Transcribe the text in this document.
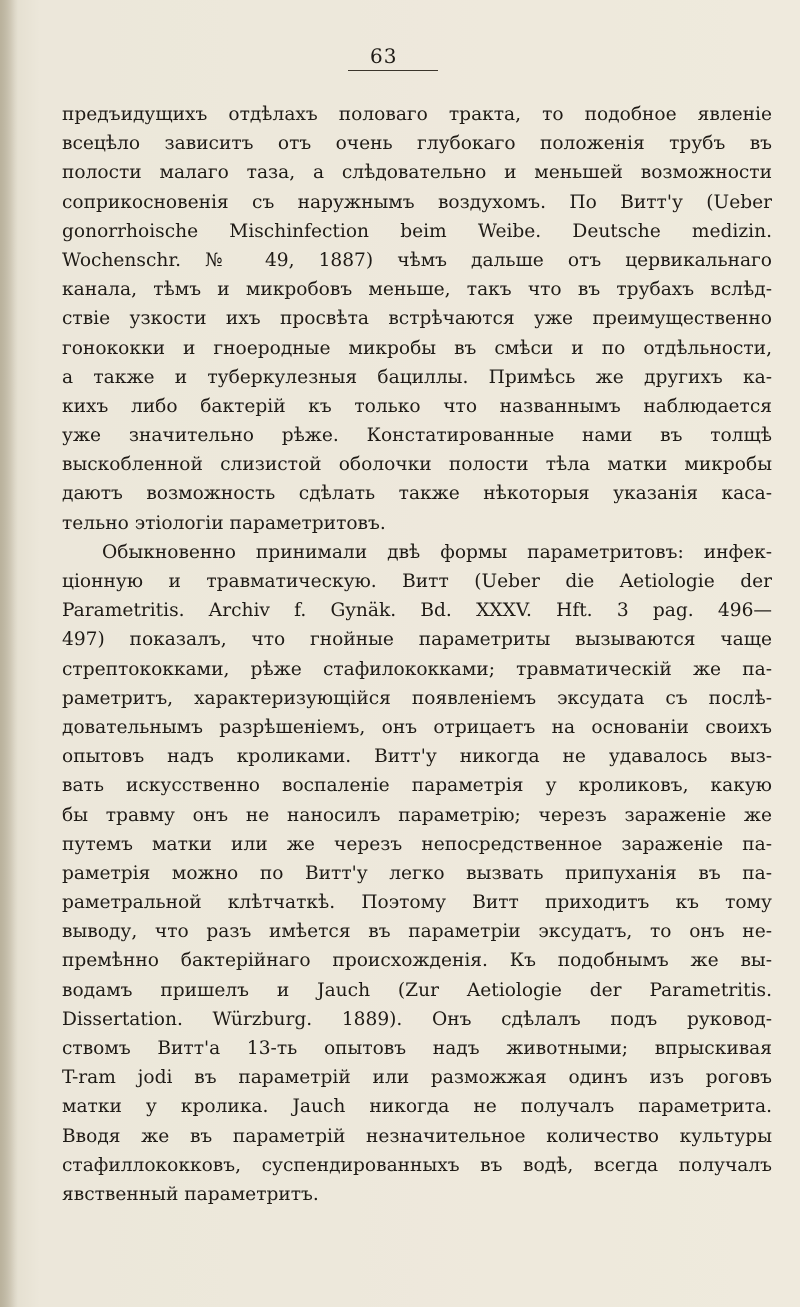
63
предъидущихъ отдѣлахъ половаго тракта, то подобное явленіе
всецѣло зависитъ отъ очень глубокаго положенія трубъ въ
полости малаго таза, а слѣдовательно и меньшей возможности
соприкосновенія съ наружнымъ воздухомъ. По Витт'у (Uеber
gonorrhoische Mischinfection beim Weibe. Deutsche medizin.
Wochenschr. № 49, 1887) чѣмъ дальше отъ цервикальнаго
канала, тѣмъ и микробовъ меньше, такъ что въ трубахъ вслѣд-
ствіе узкости ихъ просвѣта встрѣчаются уже преимущественно
гонококки и гноеродные микробы въ смѣси и по отдѣльности,
а также и туберкулезныя бациллы. Примѣсь же другихъ ка-
кихъ либо бактерій къ только что названнымъ наблюдается
уже значительно рѣже. Констатированные нами въ толщѣ
выскобленной слизистой оболочки полости тѣла матки микробы
даютъ возможность сдѣлать также нѣкоторыя указанія каса-
тельно этіологіи параметритовъ.
Обыкновенно принимали двѣ формы параметритовъ: инфек-
ціонную и травматическую. Витт (Ueber die Aetiologie der
Parametritis. Archiv f. Gynäk. Bd. XXXV. Hft. 3 pag. 496—
497) показалъ, что гнойные параметриты вызываются чаще
стрептококками, рѣже стафилококками; травматическій же па-
раметритъ, характеризующійся появленіемъ эксудата съ послѣ-
довательнымъ разрѣшеніемъ, онъ отрицаетъ на основаніи своихъ
опытовъ надъ кроликами. Витт'у никогда не удавалось выз-
вать искусственно воспаленіе параметрія у кроликовъ, какую
бы травму онъ не наносилъ параметрію; черезъ зараженіе же
путемъ матки или же черезъ непосредственное зараженіе па-
раметрія можно по Витт'у легко вызвать припуханія въ па-
раметральной клѣтчаткѣ. Поэтому Витт приходитъ къ тому
выводу, что разъ имѣется въ параметріи эксудатъ, то онъ не-
премѣнно бактерійнаго происхожденія. Къ подобнымъ же вы-
водамъ пришелъ и Jauch (Zur Aetiologie der Parametritis.
Dissertation. Würzburg. 1889). Онъ сдѣлалъ подъ руковод-
ствомъ Витт'а 13-ть опытовъ надъ животными; впрыскивая
T-ram jodi въ параметрій или разможжая одинъ изъ роговъ
матки у кролика. Jauch никогда не получалъ параметрита.
Вводя же въ параметрій незначительное количество культуры
стафиллококковъ, суспендированныхъ въ водѣ, всегда получалъ
явственный параметритъ.
